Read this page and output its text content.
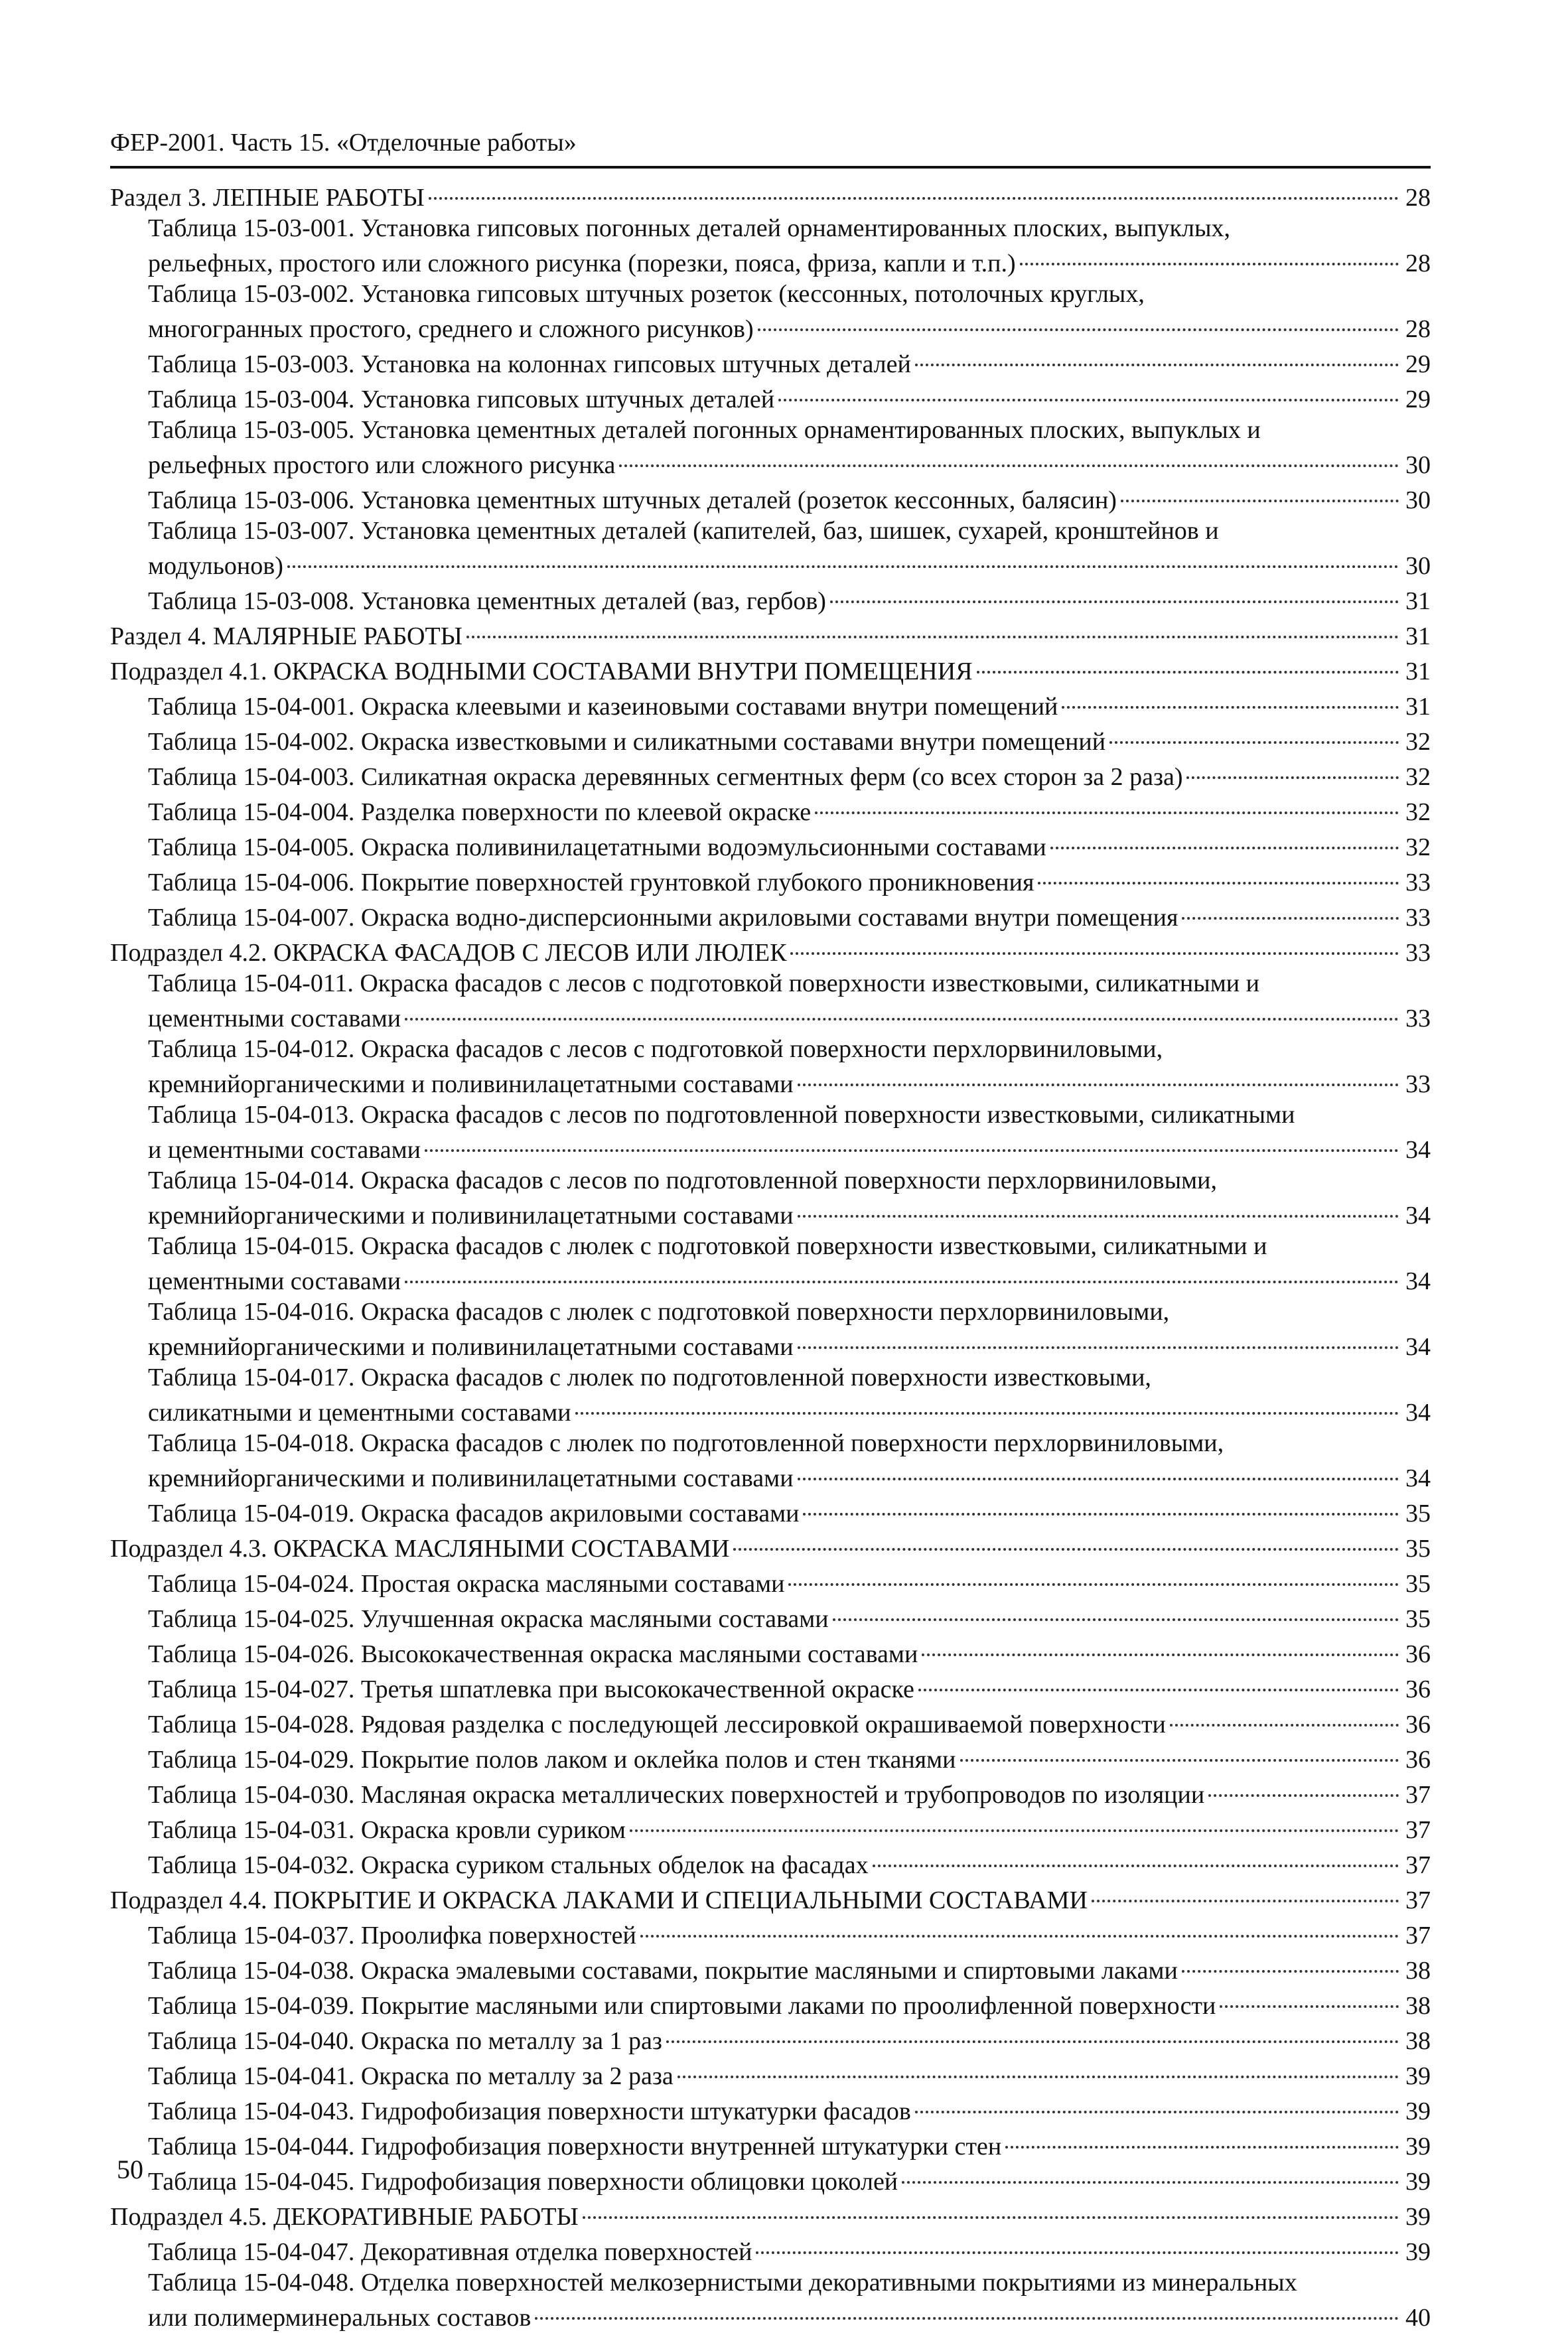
ФЕР-2001. Часть 15. «Отделочные работы»
Раздел 3. ЛЕПНЫЕ РАБОТЫ	28
Таблица 15-03-001. Установка гипсовых погонных деталей орнаментированных плоских, выпуклых,
рельефных, простого или сложного рисунка (порезки, пояса, фриза, капли и т.п.)	28
Таблица 15-03-002. Установка гипсовых штучных розеток (кессонных, потолочных круглых,
многогранных простого, среднего и сложного рисунков)	28
Таблица 15-03-003. Установка на колоннах гипсовых штучных деталей	29
Таблица 15-03-004. Установка гипсовых штучных деталей	29
Таблица 15-03-005. Установка цементных деталей погонных орнаментированных плоских, выпуклых и
рельефных простого или сложного рисунка	30
Таблица 15-03-006. Установка цементных штучных деталей (розеток кессонных, балясин)	30
Таблица 15-03-007. Установка цементных деталей (капителей, баз, шишек, сухарей, кронштейнов и
модульонов)	30
Таблица 15-03-008. Установка цементных деталей (ваз, гербов)	31
Раздел 4. МАЛЯРНЫЕ РАБОТЫ	31
Подраздел 4.1. ОКРАСКА ВОДНЫМИ СОСТАВАМИ ВНУТРИ ПОМЕЩЕНИЯ	31
Таблица 15-04-001. Окраска клеевыми и казеиновыми составами внутри помещений	31
Таблица 15-04-002. Окраска известковыми и силикатными составами внутри помещений	32
Таблица 15-04-003. Силикатная окраска деревянных сегментных ферм (со всех сторон за 2 раза)	32
Таблица 15-04-004. Разделка поверхности по клеевой окраске	32
Таблица 15-04-005. Окраска поливинилацетатными водоэмульсионными составами	32
Таблица 15-04-006. Покрытие поверхностей грунтовкой глубокого проникновения	33
Таблица 15-04-007. Окраска водно-дисперсионными акриловыми составами внутри помещения	33
Подраздел 4.2. ОКРАСКА ФАСАДОВ С ЛЕСОВ ИЛИ ЛЮЛЕК	33
Таблица 15-04-011. Окраска фасадов с лесов с подготовкой поверхности известковыми, силикатными и
цементными составами	33
Таблица 15-04-012. Окраска фасадов с лесов с подготовкой поверхности перхлорвиниловыми,
кремнийорганическими и поливинилацетатными составами	33
Таблица 15-04-013. Окраска фасадов с лесов по подготовленной поверхности известковыми, силикатными
и цементными составами	34
Таблица 15-04-014. Окраска фасадов с лесов по подготовленной поверхности перхлорвиниловыми,
кремнийорганическими и поливинилацетатными составами	34
Таблица 15-04-015. Окраска фасадов с люлек с подготовкой поверхности известковыми, силикатными и
цементными составами	34
Таблица 15-04-016. Окраска фасадов с люлек с подготовкой поверхности перхлорвиниловыми,
кремнийорганическими и поливинилацетатными составами	34
Таблица 15-04-017. Окраска фасадов с люлек по подготовленной поверхности известковыми,
силикатными и цементными составами	34
Таблица 15-04-018. Окраска фасадов с люлек по подготовленной поверхности перхлорвиниловыми,
кремнийорганическими и поливинилацетатными составами	34
Таблица 15-04-019. Окраска фасадов акриловыми составами	35
Подраздел 4.3. ОКРАСКА МАСЛЯНЫМИ СОСТАВАМИ	35
Таблица 15-04-024. Простая окраска масляными составами	35
Таблица 15-04-025. Улучшенная окраска масляными составами	35
Таблица 15-04-026. Высококачественная окраска масляными составами	36
Таблица 15-04-027. Третья шпатлевка при высококачественной окраске	36
Таблица 15-04-028. Рядовая разделка с последующей лессировкой окрашиваемой поверхности	36
Таблица 15-04-029. Покрытие полов лаком и оклейка полов и стен тканями	36
Таблица 15-04-030. Масляная окраска металлических поверхностей и трубопроводов по изоляции	37
Таблица 15-04-031. Окраска кровли суриком	37
Таблица 15-04-032. Окраска суриком стальных обделок на фасадах	37
Подраздел 4.4. ПОКРЫТИЕ И ОКРАСКА ЛАКАМИ И СПЕЦИАЛЬНЫМИ СОСТАВАМИ	37
Таблица 15-04-037. Проолифка поверхностей	37
Таблица 15-04-038. Окраска эмалевыми составами, покрытие масляными и спиртовыми лаками	38
Таблица 15-04-039. Покрытие масляными или спиртовыми лаками по проолифленной поверхности	38
Таблица 15-04-040. Окраска по металлу за 1 раз	38
Таблица 15-04-041. Окраска по металлу за 2 раза	39
Таблица 15-04-043. Гидрофобизация поверхности штукатурки фасадов	39
Таблица 15-04-044. Гидрофобизация поверхности внутренней штукатурки стен	39
Таблица 15-04-045. Гидрофобизация поверхности облицовки цоколей	39
Подраздел 4.5. ДЕКОРАТИВНЫЕ РАБОТЫ	39
Таблица 15-04-047. Декоративная отделка поверхностей	39
Таблица 15-04-048. Отделка поверхностей мелкозернистыми декоративными покрытиями из минеральных
или полимерминеральных составов	40
50
